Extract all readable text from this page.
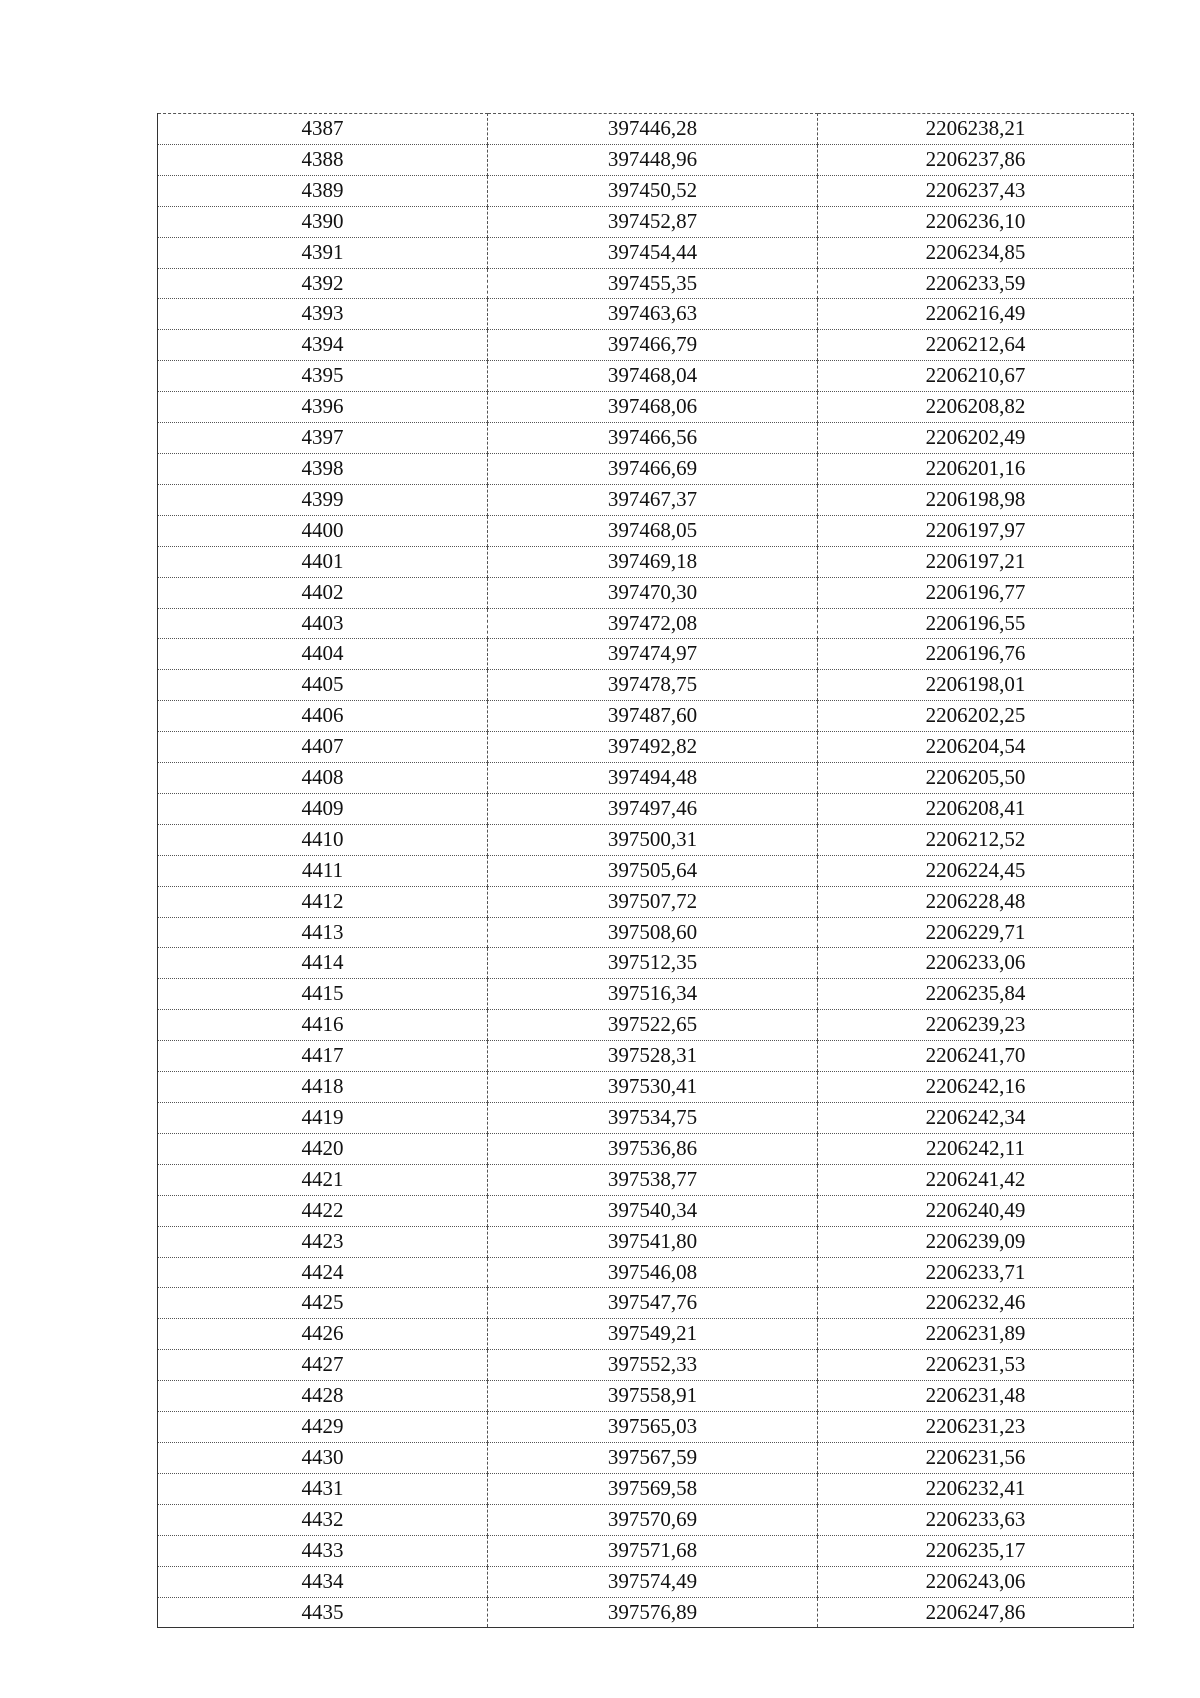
4387	397446,28	2206238,21
4388	397448,96	2206237,86
4389	397450,52	2206237,43
4390	397452,87	2206236,10
4391	397454,44	2206234,85
4392	397455,35	2206233,59
4393	397463,63	2206216,49
4394	397466,79	2206212,64
4395	397468,04	2206210,67
4396	397468,06	2206208,82
4397	397466,56	2206202,49
4398	397466,69	2206201,16
4399	397467,37	2206198,98
4400	397468,05	2206197,97
4401	397469,18	2206197,21
4402	397470,30	2206196,77
4403	397472,08	2206196,55
4404	397474,97	2206196,76
4405	397478,75	2206198,01
4406	397487,60	2206202,25
4407	397492,82	2206204,54
4408	397494,48	2206205,50
4409	397497,46	2206208,41
4410	397500,31	2206212,52
4411	397505,64	2206224,45
4412	397507,72	2206228,48
4413	397508,60	2206229,71
4414	397512,35	2206233,06
4415	397516,34	2206235,84
4416	397522,65	2206239,23
4417	397528,31	2206241,70
4418	397530,41	2206242,16
4419	397534,75	2206242,34
4420	397536,86	2206242,11
4421	397538,77	2206241,42
4422	397540,34	2206240,49
4423	397541,80	2206239,09
4424	397546,08	2206233,71
4425	397547,76	2206232,46
4426	397549,21	2206231,89
4427	397552,33	2206231,53
4428	397558,91	2206231,48
4429	397565,03	2206231,23
4430	397567,59	2206231,56
4431	397569,58	2206232,41
4432	397570,69	2206233,63
4433	397571,68	2206235,17
4434	397574,49	2206243,06
4435	397576,89	2206247,86
